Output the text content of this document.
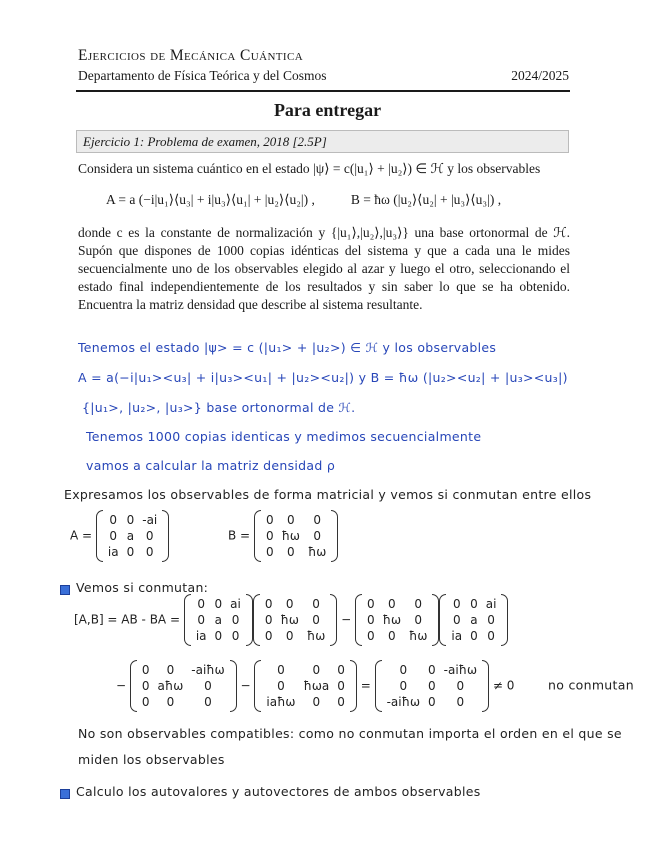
Ejercicios de Mecánica Cuántica
Departamento de Física Teórica y del Cosmos	2024/2025
Para entregar
Ejercicio 1: Problema de examen, 2018 [2.5P]
Considera un sistema cuántico en el estado |ψ⟩ = c(|u₁⟩ + |u₂⟩) ∈ ℋ y los observables
A = a (−i|u₁⟩⟨u₃| + i|u₃⟩⟨u₁| + |u₂⟩⟨u₂|) ,	B = ħω (|u₂⟩⟨u₂| + |u₃⟩⟨u₃|) ,
donde c es la constante de normalización y {|u₁⟩,|u₂⟩,|u₃⟩} una base ortonormal de ℋ. Supón que dispones de 1000 copias idénticas del sistema y que a cada una le mides secuencialmente uno de los observables elegido al azar y luego el otro, seleccionando el estado final independientemente de los resultados y sin saber lo que se ha obtenido. Encuentra la matriz densidad que describe al sistema resultante.
Tenemos el estado |ψ> = c (|u₁> + |u₂>) ∈ ℋ y los observables
A = a(−i|u₁><u₃| + i|u₃><u₁| + |u₂><u₂|) y B = ħω (|u₂><u₂| + |u₃><u₃|)
{|u₁>, |u₂>, |u₃>} base ortonormal de ℋ.
Tenemos 1000 copias identicas y medimos secuencialmente
vamos a calcular la matriz densidad ρ
Expresamos los observables de forma matricial y vemos si conmutan entre ellos
A =
0	0	-ai
0	a	0
ia	0	0
B =
0	0	0
0	ħω	0
0	0	ħω
Vemos si conmutan:
[A,B] = AB - BA =
0	0	ai
0	a	0
ia	0	0
0	0	0
0	ħω	0
0	0	ħω
−
0	0	0
0	ħω	0
0	0	ħω
0	0	ai
0	a	0
ia	0	0
−
0	0	-aiħω
0	aħω	0
0	0	0
−
0	0	0
0	ħωa	0
iaħω	0	0
=
0	0	-aiħω
0	0	0
-aiħω	0	0
≠ 0	no conmutan
No son observables compatibles: como no conmutan importa el orden en el que se
miden los observables
Calculo los autovalores y autovectores de ambos observables
